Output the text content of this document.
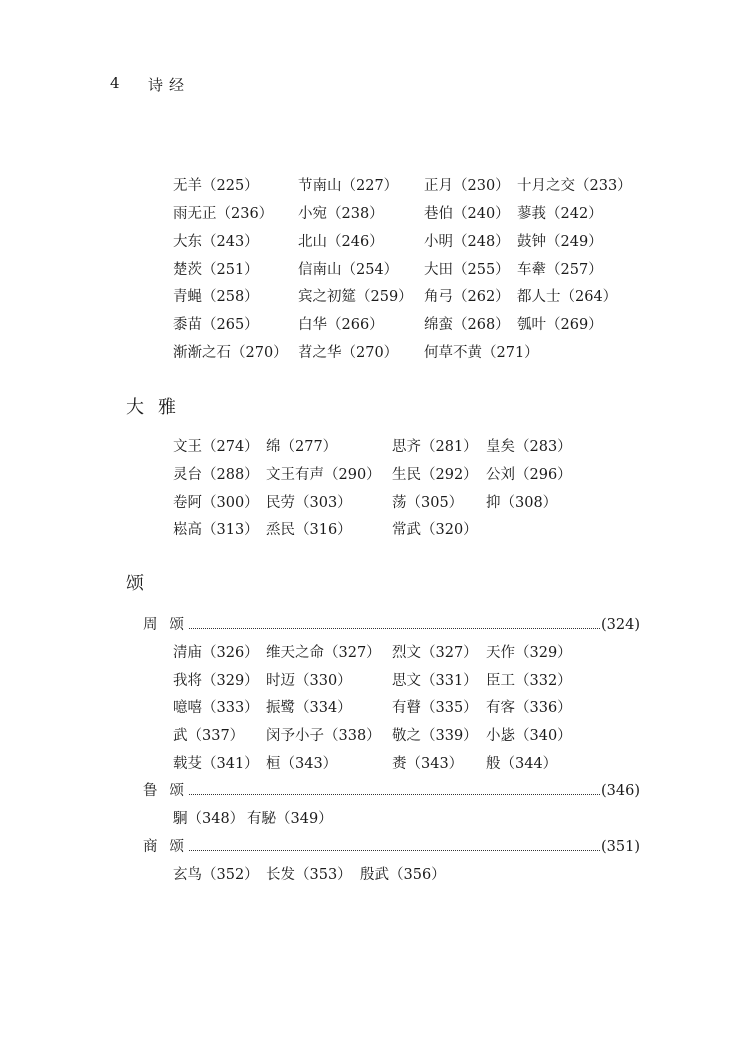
4 诗经
无羊（225）	节南山（227） 正月（230） 十月之交（233）
雨无正（236） 小宛（238）	巷伯（240） 蓼莪（242）
大东（243）	北山（246）	小明（248） 鼓钟（249）
楚茨（251）	信南山（254） 大田（255） 车舝（257）
青蝇（258）	宾之初筵（259） 角弓（262） 都人士（264）
黍苗（265）	白华（266）	绵蛮（268） 瓠叶（269）
渐渐之石（270） 苕之华（270） 何草不黄（271）
大 雅
文王（274） 绵（277）	思齐（281） 皇矣（283）
灵台（288） 文王有声（290） 生民（292） 公刘（296）
卷阿（300） 民劳（303）	荡（305） 抑（308）
崧高（313） 烝民（316）	常武（320）
颂
周颂	(324)
清庙（326） 维天之命（327） 烈文（327） 天作（329）
我将（329） 时迈（330）	思文（331） 臣工（332）
噫嘻（333） 振鹭（334）	有瞽（335） 有客（336）
武（337） 闵予小子（338） 敬之（339） 小毖（340）
载芟（341） 桓（343）	赉（343） 般（344）
鲁颂	(346)
駉（348） 有駜（349）
商颂	(351)
玄鸟（352） 长发（353） 殷武（356）
